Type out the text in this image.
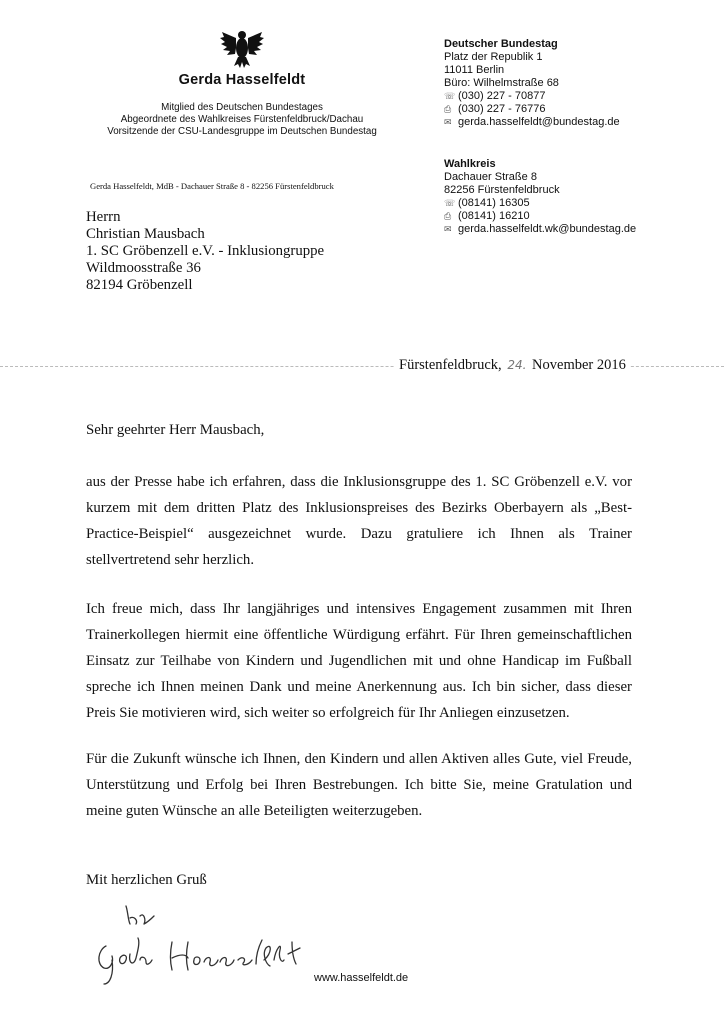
Gerda Hasselfeldt
Mitglied des Deutschen Bundestages
Abgeordnete des Wahlkreises Fürstenfeldbruck/Dachau
Vorsitzende der CSU-Landesgruppe im Deutschen Bundestag
Gerda Hasselfeldt, MdB - Dachauer Straße 8 - 82256 Fürstenfeldbruck
Deutscher Bundestag
Platz der Republik 1
11011 Berlin
Büro: Wilhelmstraße 68
☏ (030) 227 - 70877
⎙ (030) 227 - 76776
✉ gerda.hasselfeldt@bundestag.de
Wahlkreis
Dachauer Straße 8
82256 Fürstenfeldbruck
☏ (08141) 16305
⎙ (08141) 16210
✉ gerda.hasselfeldt.wk@bundestag.de
Herrn
Christian Mausbach
1. SC Gröbenzell e.V. - Inklusiongruppe
Wildmoosstraße 36
82194 Gröbenzell
Fürstenfeldbruck, 24. November 2016
Sehr geehrter Herr Mausbach,
aus der Presse habe ich erfahren, dass die Inklusionsgruppe des 1. SC Gröbenzell e.V. vor kurzem mit dem dritten Platz des Inklusionspreises des Bezirks Oberbayern als „Best-Practice-Beispiel“ ausgezeichnet wurde. Dazu gratuliere ich Ihnen als Trainer stellvertretend sehr herzlich.
Ich freue mich, dass Ihr langjähriges und intensives Engagement zusammen mit Ihren Trainerkollegen hiermit eine öffentliche Würdigung erfährt. Für Ihren gemeinschaftlichen Einsatz zur Teilhabe von Kindern und Jugendlichen mit und ohne Handicap im Fußball spreche ich Ihnen meinen Dank und meine Anerkennung aus. Ich bin sicher, dass dieser Preis Sie motivieren wird, sich weiter so erfolgreich für Ihr Anliegen einzusetzen.
Für die Zukunft wünsche ich Ihnen, den Kindern und allen Aktiven alles Gute, viel Freude, Unterstützung und Erfolg bei Ihren Bestrebungen. Ich bitte Sie, meine Gratulation und meine guten Wünsche an alle Beteiligten weiterzugeben.
Mit herzlichen Gruß
www.hasselfeldt.de
